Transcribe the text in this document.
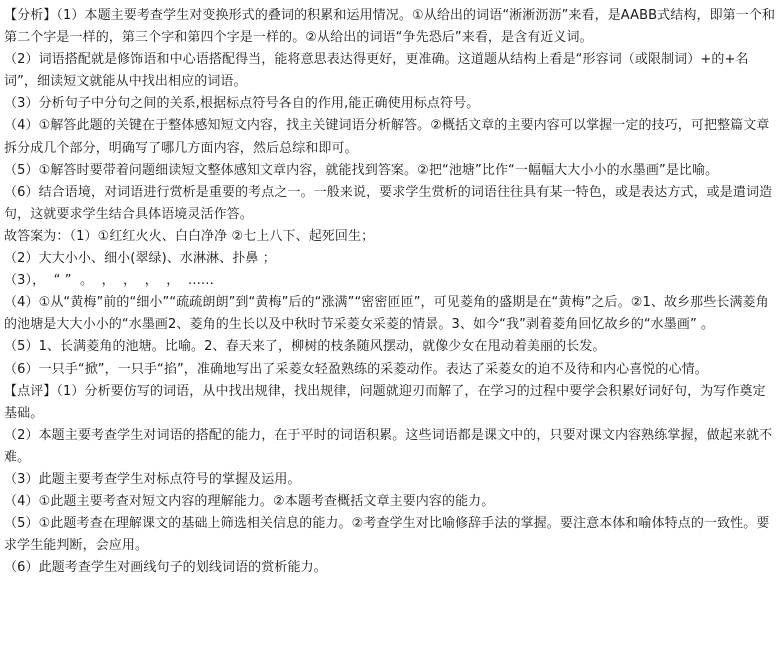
【分析】（1）本题主要考查学生对变换形式的叠词的积累和运用情况。①从给出的词语“淅淅沥沥”来看，是AABB式结构，即第一个和第二个字是一样的，第三个字和第四个字是一样的。②从给出的词语“争先恐后”来看，是含有近义词。

（2）词语搭配就是修饰语和中心语搭配得当，能将意思表达得更好，更准确。这道题从结构上看是“形容词（或限制词）+的+名词”，细读短文就能从中找出相应的词语。

（3）分析句子中分句之间的关系,根据标点符号各自的作用,能正确使用标点符号。

（4）①解答此题的关键在于整体感知短文内容，找主关键词语分析解答。②概括文章的主要内容可以掌握一定的技巧，可把整篇文章拆分成几个部分，明确写了哪几方面内容，然后总综和即可。

（5）①解答时要带着问题细读短文整体感知文章内容，就能找到答案。②把“池塘”比作“一幅幅大大小小的水墨画”是比喻。

（6）结合语境，对词语进行赏析是重要的考点之一。一般来说，要求学生赏析的词语往往具有某一特色，或是表达方式，或是遣词造句，这就要求学生结合具体语境灵活作答。

故答案为：（1）①红红火火、白白净净 ②七上八下、起死回生；

（2）大大小小、细小(翠绿)、水淋淋、扑鼻 ；

（3），  “ ”  。  ，  ，  ，  ，  ……

（4）①从“黄梅”前的“细小”“疏疏朗朗”到“黄梅”后的“涨满”“密密匝匝”，可见菱角的盛期是在“黄梅”之后。②1、故乡那些长满菱角的池塘是大大小小的“水墨画2、菱角的生长以及中秋时节采菱女采菱的情景。3、如今“我”剥着菱角回忆故乡的“水墨画” 。

（5）1、长满菱角的池塘。比喻。2、春天来了，柳树的枝条随风摆动，就像少女在甩动着美丽的长发。

（6）一只手“掀”，一只手“掐”，准确地写出了采菱女轻盈熟练的采菱动作。表达了采菱女的迫不及待和内心喜悦的心情。

【点评】（1）分析要仿写的词语，从中找出规律，找出规律，问题就迎刃而解了，在学习的过程中要学会积累好词好句，为写作奠定基础。

（2）本题主要考查学生对词语的搭配的能力，在于平时的词语积累。这些词语都是课文中的，只要对课文内容熟练掌握，做起来就不难。

（3）此题主要考查学生对标点符号的掌握及运用。

（4）①此题主要考查对短文内容的理解能力。②本题考查概括文章主要内容的能力。

（5）①此题考查在理解课文的基础上筛选相关信息的能力。②考查学生对比喻修辞手法的掌握。要注意本体和喻体特点的一致性。要求学生能判断，会应用。

（6）此题考查学生对画线句子的划线词语的赏析能力。
